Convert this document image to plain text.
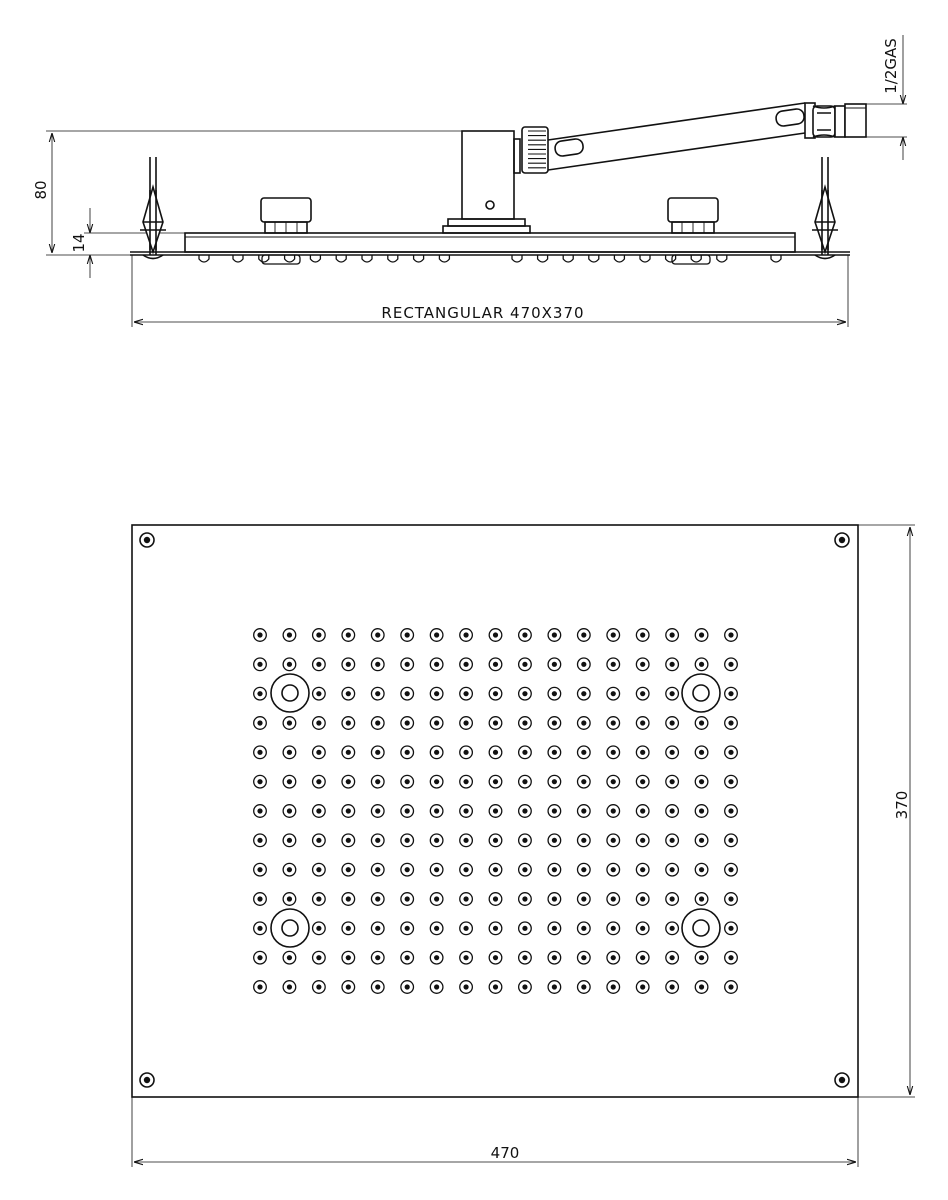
80
14
1/2GAS
RECTANGULAR 470X370
370
470
